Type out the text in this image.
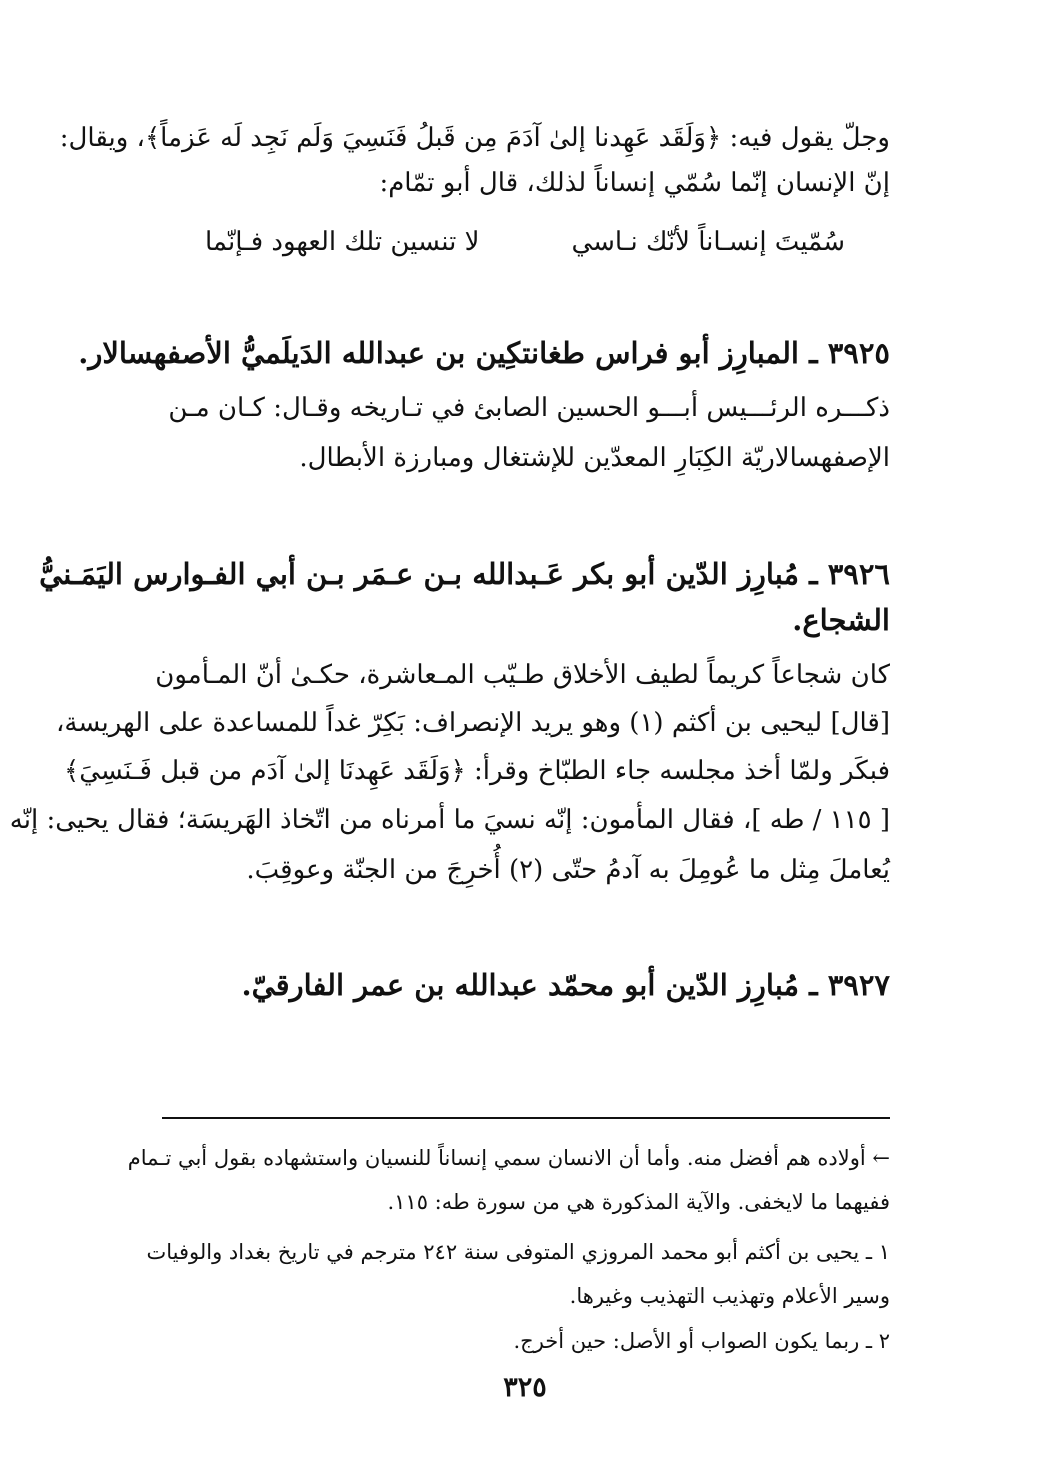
وجلّ يقول فيه: ﴿وَلَقَد عَهِدنا إلىٰ آدَمَ مِن قَبلُ فَنَسِيَ وَلَم نَجِد لَه عَزماً﴾، ويقال:
إنّ الإنسان إنّما سُمّي إنساناً لذلك، قال أبو تمّام:
سُمّيتَ إنسـاناً لأنّك نـاسي
لا تنسين تلك العهود فـإنّما
٣٩٢٥ ـ المبارِز أبو فراس طغانتكِين بن عبدالله الدَيلَميُّ الأصفهسالار.
ذكـــره الرئـــيس أبـــو الحسين الصابئ في تـاريخه وقـال: كـان مـن
الإصفهسالاريّة الكِبَارِ المعدّين للإشتغال ومبارزة الأبطال.
٣٩٢٦ ـ مُبارِز الدّين أبو بكر عَـبدالله بـن عـمَر بـن أبي الفـوارس اليَمَـنيُّ
الشجاع.
كان شجاعاً كريماً لطيف الأخلاق طـيّب المـعاشرة، حكـىٰ أنّ المـأمون
[قال] ليحيى بن أكثم (١) وهو يريد الإنصراف: بَكِرّ غداً للمساعدة على الهريسة،
فبكَر ولمّا أخذ مجلسه جاء الطبّاخ وقرأ: ﴿وَلَقَد عَهِدنَا إلىٰ آدَم من قبل فَـنَسِيَ﴾
[ ١١٥ / طه ]، فقال المأمون: إنّه نسيَ ما أمرناه من اتّخاذ الهَريسَة؛ فقال يحيى: إنّه
يُعاملَ مِثل ما عُومِلَ به آدمُ حتّى (٢) أُخرِجَ من الجنّة وعوقِبَ.
٣٩٢٧ ـ مُبارِز الدّين أبو محمّد عبدالله بن عمر الفارقيّ.
← أولاده هم أفضل منه. وأما أن الانسان سمي إنساناً للنسيان واستشهاده بقول أبي تـمام
ففيهما ما لايخفى. والآية المذكورة هي من سورة طه: ١١٥.
١ ـ يحيى بن أكثم أبو محمد المروزي المتوفى سنة ٢٤٢ مترجم في تاريخ بغداد والوفيات
وسير الأعلام وتهذيب التهذيب وغيرها.
٢ ـ ربما يكون الصواب أو الأصل: حين أخرج.
٣٢٥
